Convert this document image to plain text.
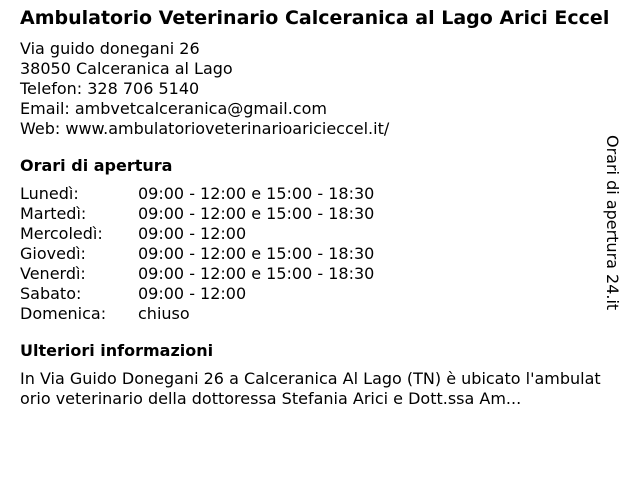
Ambulatorio Veterinario Calceranica al Lago Arici Eccel
Via guido donegani 26
38050 Calceranica al Lago
Telefon: 328 706 5140
Email: ambvetcalceranica@gmail.com
Web: www.ambulatorioveterinarioariciеccel.it/
Orari di apertura
Lunedì:	09:00 - 12:00 e 15:00 - 18:30
Martedì:	09:00 - 12:00 e 15:00 - 18:30
Mercoledì:	09:00 - 12:00
Giovedì:	09:00 - 12:00 e 15:00 - 18:30
Venerdì:	09:00 - 12:00 e 15:00 - 18:30
Sabato:	09:00 - 12:00
Domenica:	chiuso
Ulteriori informazioni
In Via Guido Donegani 26 a Calceranica Al Lago (TN) è ubicato l'ambulatorio veterinario della dottoressa Stefania Arici e Dott.ssa Am...
Orari di apertura 24.it
